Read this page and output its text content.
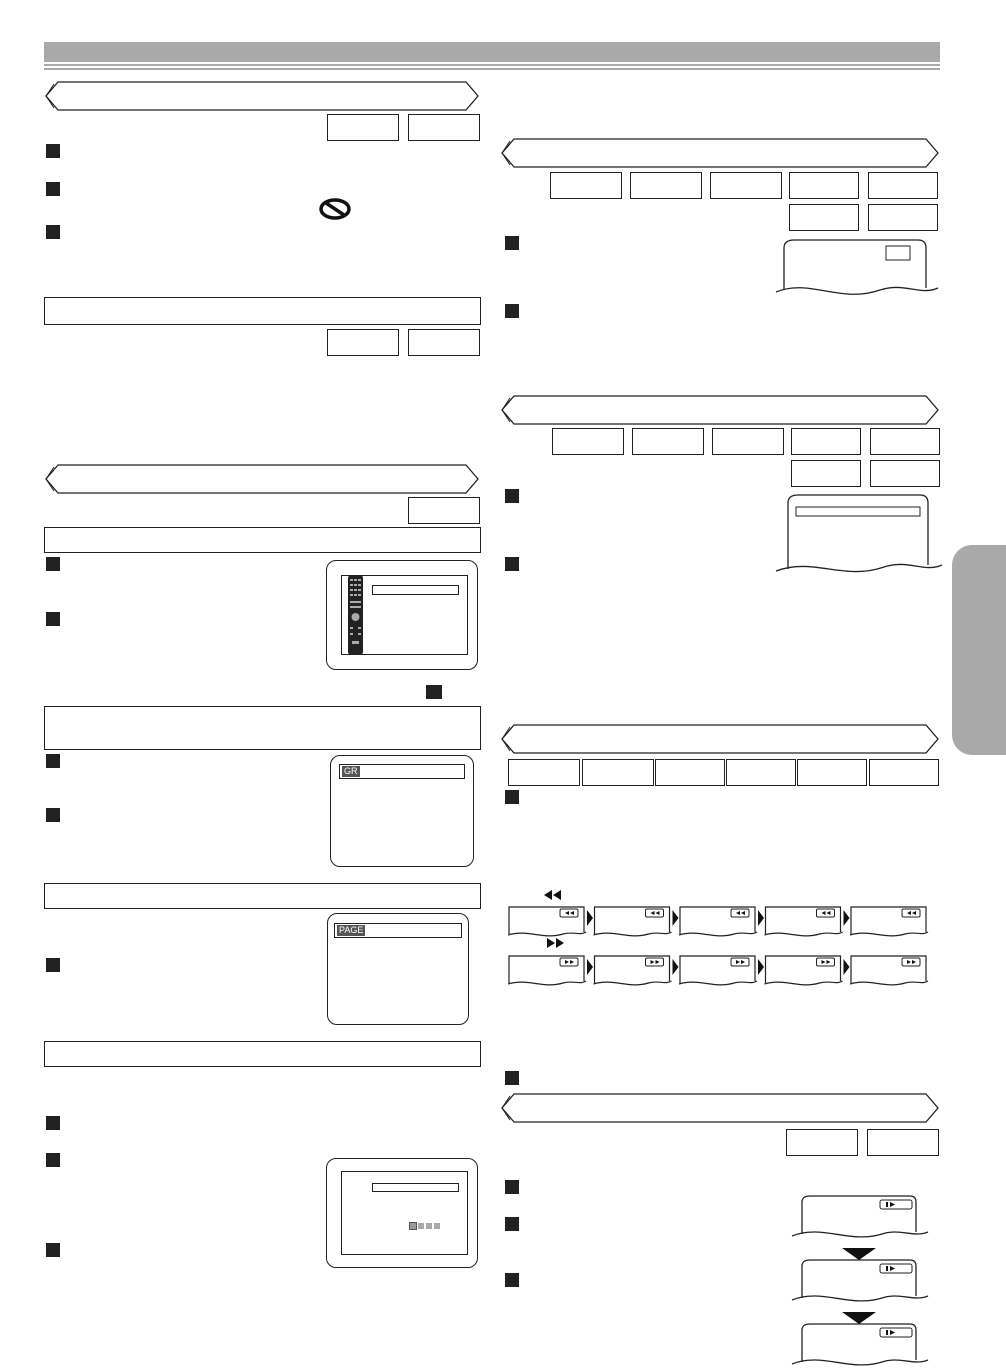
GR
PAGE
